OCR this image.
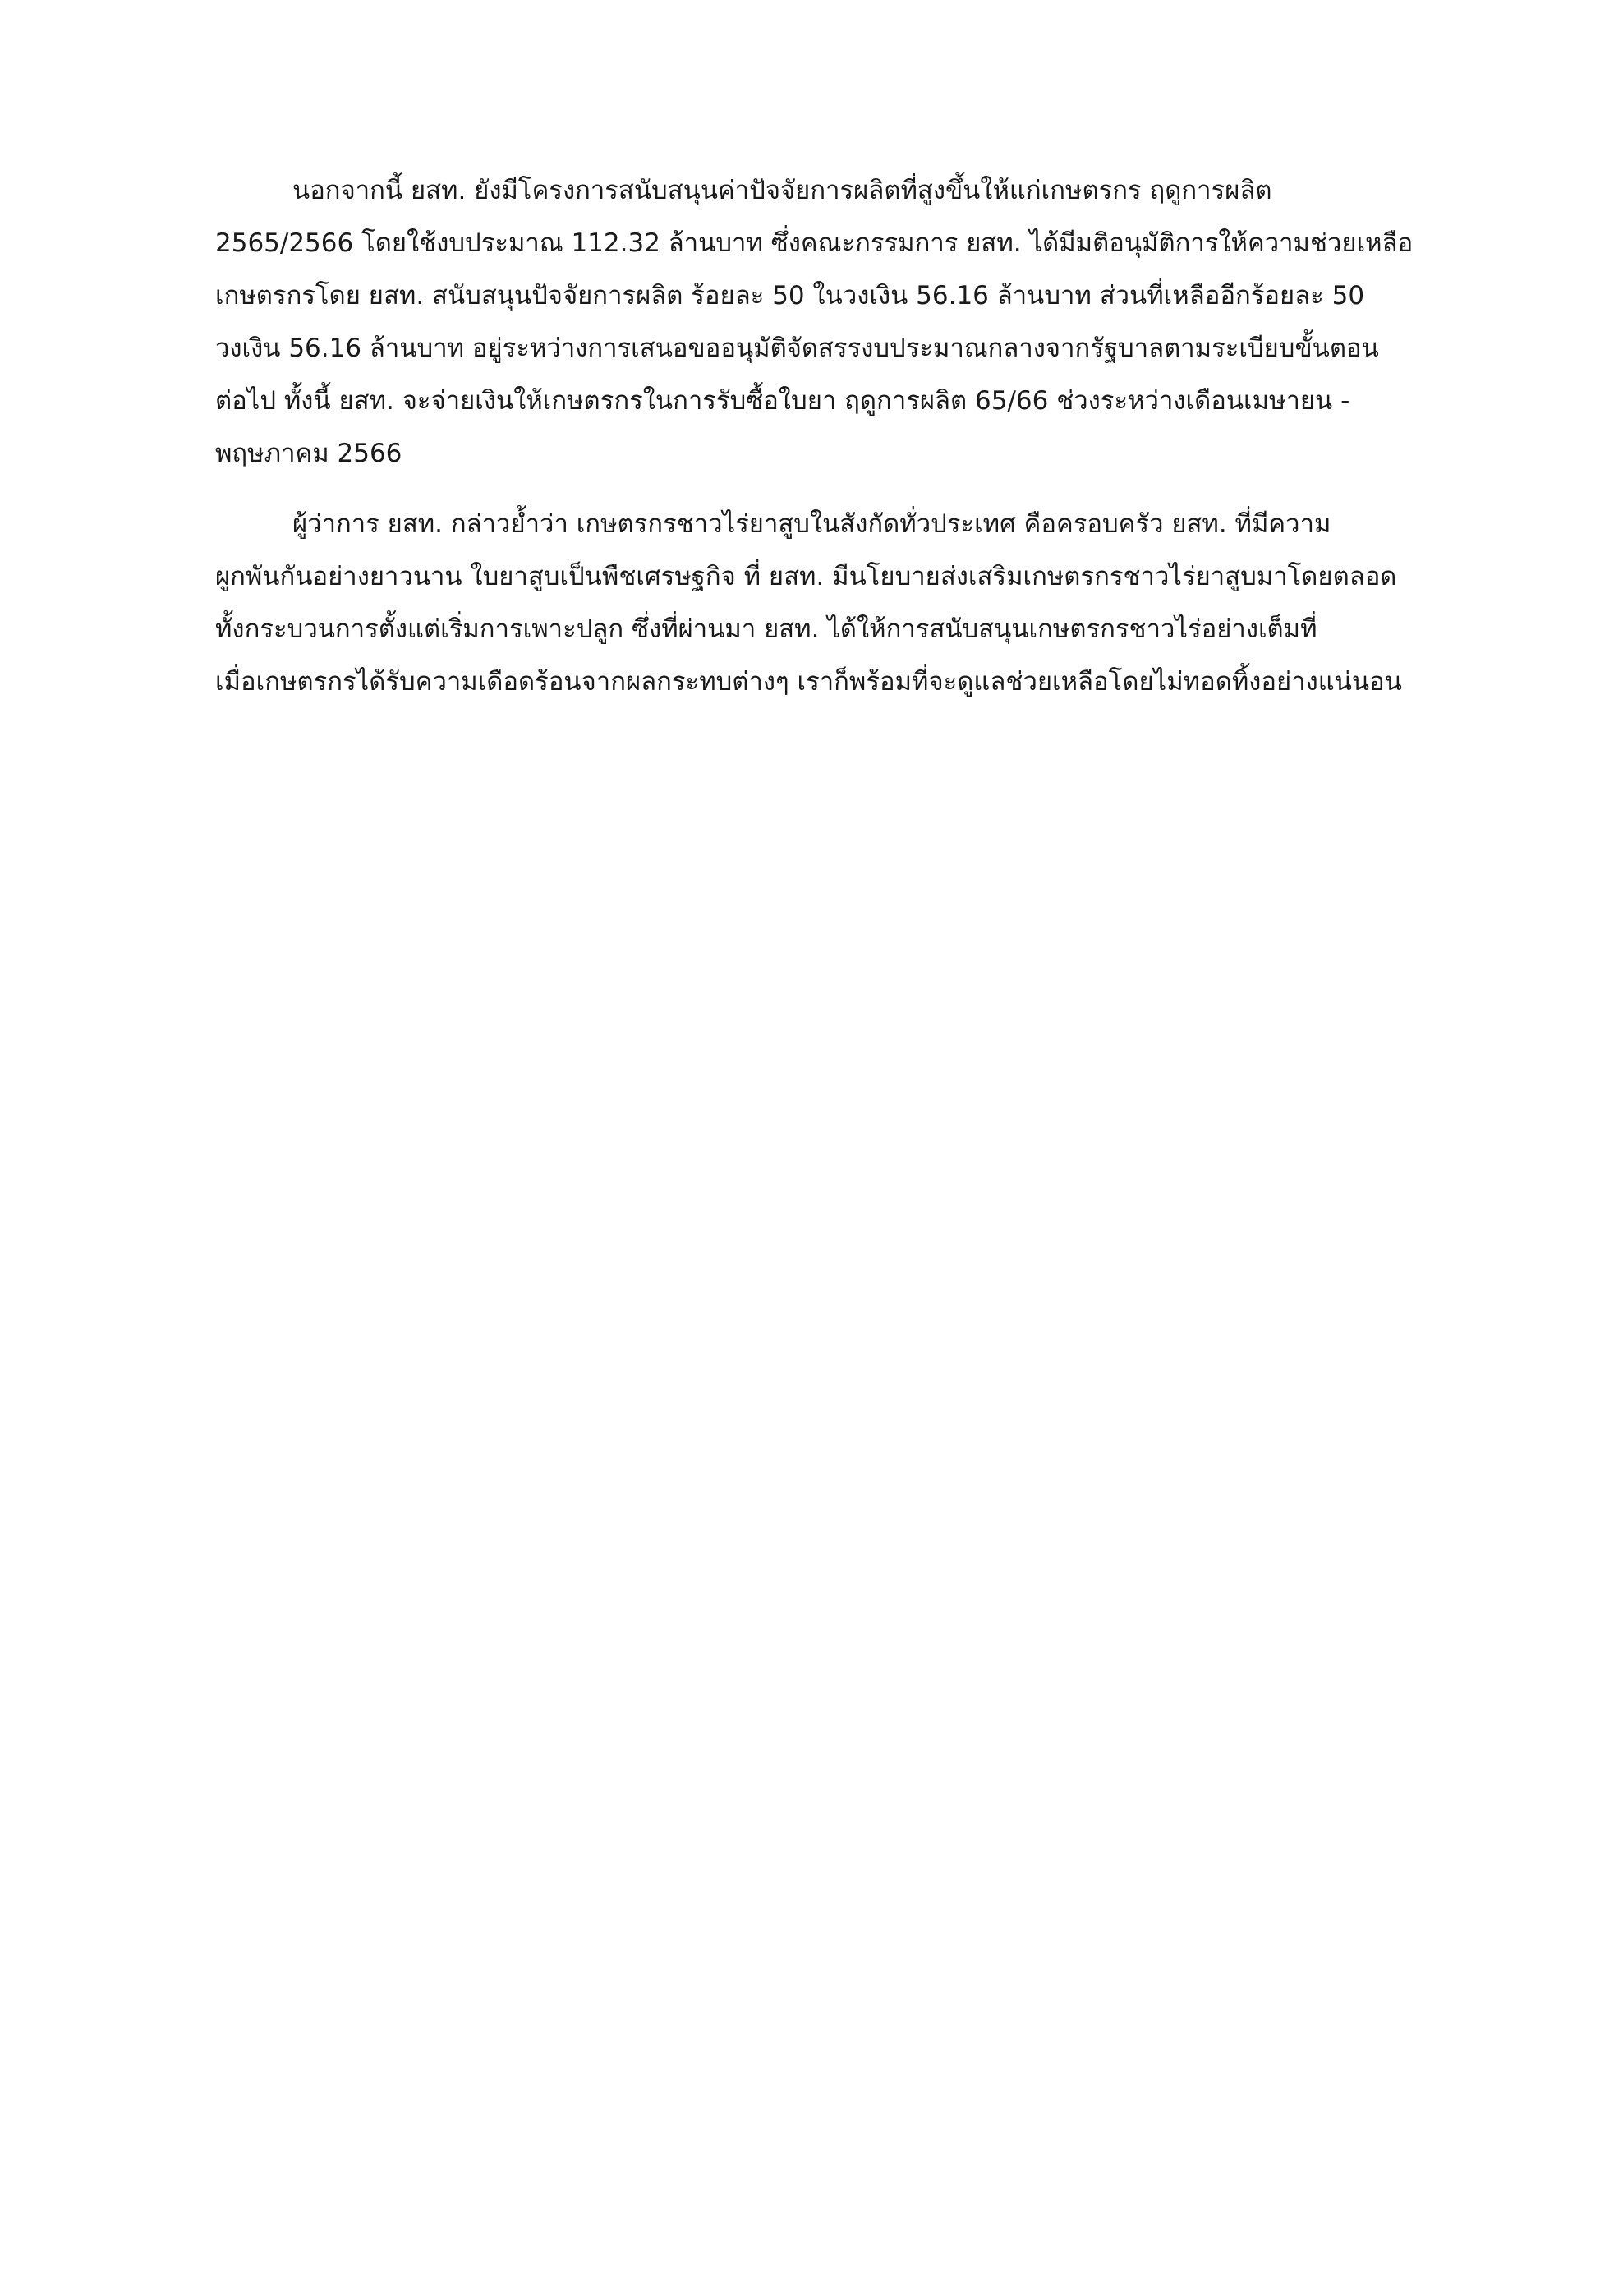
นอกจากนี้ ยสท. ยังมีโครงการสนับสนุนค่าปัจจัยการผลิตที่สูงขึ้นให้แก่เกษตรกร ฤดูการผลิต
2565/2566 โดยใช้งบประมาณ 112.32 ล้านบาท ซึ่งคณะกรรมการ ยสท. ได้มีมติอนุมัติการให้ความช่วยเหลือ
เกษตรกรโดย ยสท. สนับสนุนปัจจัยการผลิต ร้อยละ 50 ในวงเงิน 56.16 ล้านบาท ส่วนที่เหลืออีกร้อยละ 50
วงเงิน 56.16 ล้านบาท อยู่ระหว่างการเสนอขออนุมัติจัดสรรงบประมาณกลางจากรัฐบาลตามระเบียบขั้นตอน
ต่อไป ทั้งนี้ ยสท. จะจ่ายเงินให้เกษตรกรในการรับซื้อใบยา ฤดูการผลิต 65/66 ช่วงระหว่างเดือนเมษายน -
พฤษภาคม 2566
ผู้ว่าการ ยสท. กล่าวย้ำว่า เกษตรกรชาวไร่ยาสูบในสังกัดทั่วประเทศ คือครอบครัว ยสท. ที่มีความ
ผูกพันกันอย่างยาวนาน ใบยาสูบเป็นพืชเศรษฐกิจ ที่ ยสท. มีนโยบายส่งเสริมเกษตรกรชาวไร่ยาสูบมาโดยตลอด
ทั้งกระบวนการตั้งแต่เริ่มการเพาะปลูก ซึ่งที่ผ่านมา ยสท. ได้ให้การสนับสนุนเกษตรกรชาวไร่อย่างเต็มที่
เมื่อเกษตรกรได้รับความเดือดร้อนจากผลกระทบต่างๆ เราก็พร้อมที่จะดูแลช่วยเหลือโดยไม่ทอดทิ้งอย่างแน่นอน
